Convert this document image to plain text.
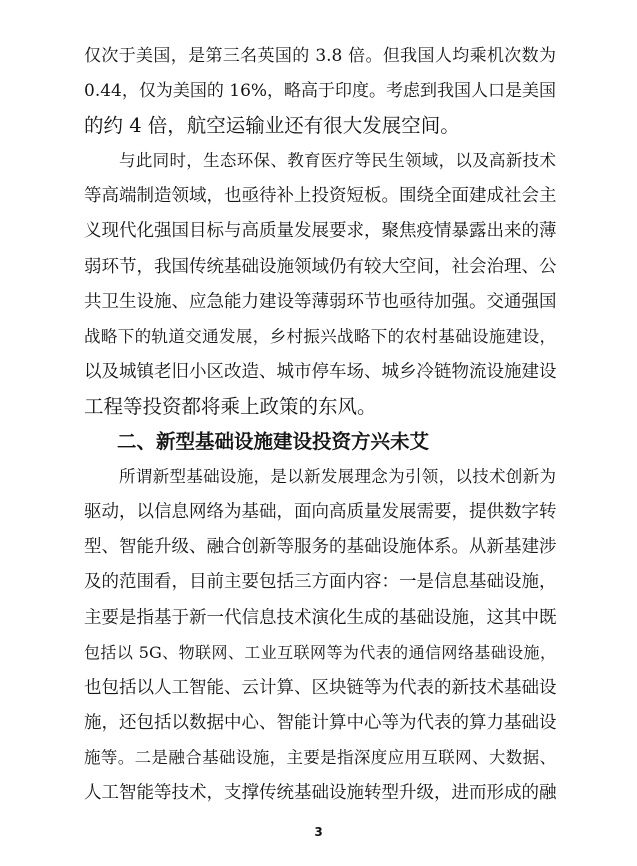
仅次于美国，是第三名英国的 3.8 倍。但我国人均乘机次数为
0.44，仅为美国的 16%，略高于印度。考虑到我国人口是美国
的约 4 倍，航空运输业还有很大发展空间。
与此同时，生态环保、教育医疗等民生领域，以及高新技术
等高端制造领域，也亟待补上投资短板。围绕全面建成社会主
义现代化强国目标与高质量发展要求，聚焦疫情暴露出来的薄
弱环节，我国传统基础设施领域仍有较大空间，社会治理、公
共卫生设施、应急能力建设等薄弱环节也亟待加强。交通强国
战略下的轨道交通发展，乡村振兴战略下的农村基础设施建设，
以及城镇老旧小区改造、城市停车场、城乡冷链物流设施建设
工程等投资都将乘上政策的东风。
二、新型基础设施建设投资方兴未艾
所谓新型基础设施，是以新发展理念为引领，以技术创新为
驱动，以信息网络为基础，面向高质量发展需要，提供数字转
型、智能升级、融合创新等服务的基础设施体系。从新基建涉
及的范围看，目前主要包括三方面内容：一是信息基础设施，
主要是指基于新一代信息技术演化生成的基础设施，这其中既
包括以 5G、物联网、工业互联网等为代表的通信网络基础设施，
也包括以人工智能、云计算、区块链等为代表的新技术基础设
施，还包括以数据中心、智能计算中心等为代表的算力基础设
施等。二是融合基础设施，主要是指深度应用互联网、大数据、
人工智能等技术，支撑传统基础设施转型升级，进而形成的融
3
